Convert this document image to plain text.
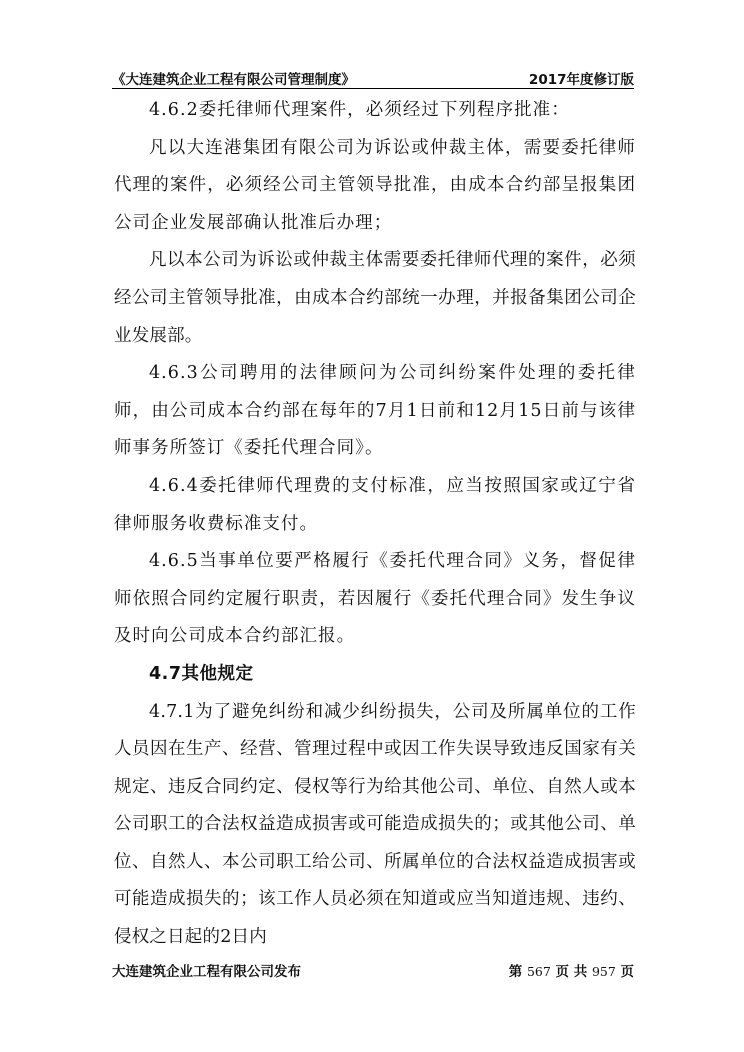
《大连建筑企业工程有限公司管理制度》	2017年度修订版

4.6.2委托律师代理案件，必须经过下列程序批准：

凡以大连港集团有限公司为诉讼或仲裁主体，需要委托律师代理的案件，必须经公司主管领导批准，由成本合约部呈报集团公司企业发展部确认批准后办理；

凡以本公司为诉讼或仲裁主体需要委托律师代理的案件，必须经公司主管领导批准，由成本合约部统一办理，并报备集团公司企业发展部。

4.6.3公司聘用的法律顾问为公司纠纷案件处理的委托律师，由公司成本合约部在每年的7月1日前和12月15日前与该律师事务所签订《委托代理合同》。

4.6.4委托律师代理费的支付标准，应当按照国家或辽宁省律师服务收费标准支付。

4.6.5当事单位要严格履行《委托代理合同》义务，督促律师依照合同约定履行职责，若因履行《委托代理合同》发生争议及时向公司成本合约部汇报。

4.7其他规定

4.7.1为了避免纠纷和减少纠纷损失，公司及所属单位的工作人员因在生产、经营、管理过程中或因工作失误导致违反国家有关规定、违反合同约定、侵权等行为给其他公司、单位、自然人或本公司职工的合法权益造成损害或可能造成损失的；或其他公司、单位、自然人、本公司职工给公司、所属单位的合法权益造成损害或可能造成损失的；该工作人员必须在知道或应当知道违规、违约、侵权之日起的2日内

大连建筑企业工程有限公司发布	第 567 页 共 957 页
